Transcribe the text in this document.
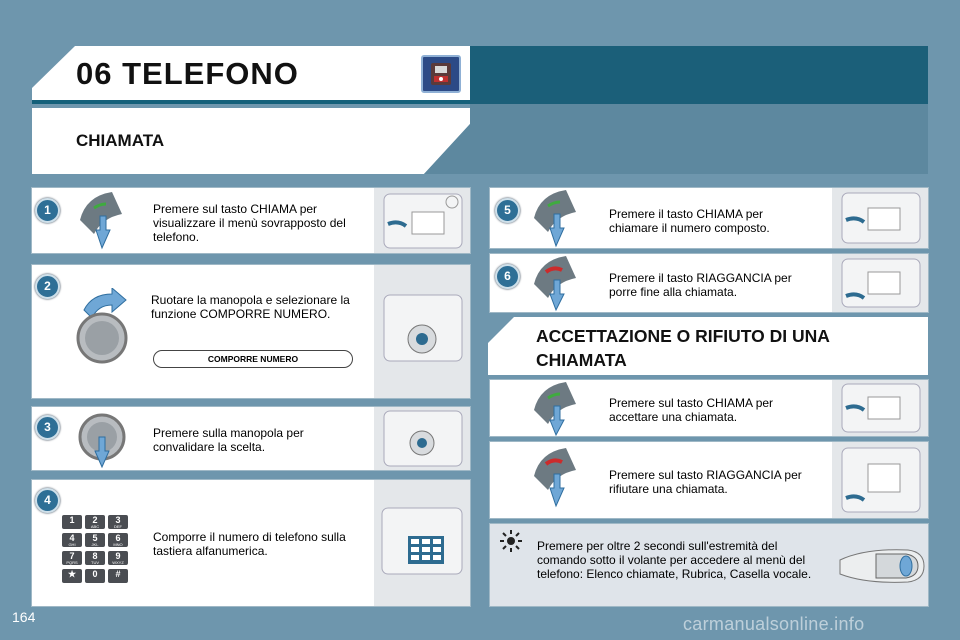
06 TELEFONO
CHIAMATA
1	Premere sul tasto CHIAMA per visualizzare il menù sovrapposto del telefono.
2
Ruotare la manopola e selezionare la funzione COMPORRE NUMERO.
COMPORRE NUMERO
3	Premere sulla manopola per convalidare la scelta.
4
1	2
ABC
3
DEF
4
GHI
5
JKL
6
MNO
7
PQRS
8
TUV
9
WXYZ
★	0	#
Comporre il numero di telefono sulla tastiera alfanumerica.
5	Premere il tasto CHIAMA per chiamare il numero composto.
6	Premere il tasto RIAGGANCIA per porre fine alla chiamata.
ACCETTAZIONE O RIFIUTO DI UNA CHIAMATA
Premere sul tasto CHIAMA per accettare una chiamata.
Premere sul tasto RIAGGANCIA per rifiutare una chiamata.
Premere per oltre 2 secondi sull'estremità del comando sotto il volante per accedere al menù del telefono: Elenco chiamate, Rubrica, Casella vocale.
164	carmanualsonline.info
